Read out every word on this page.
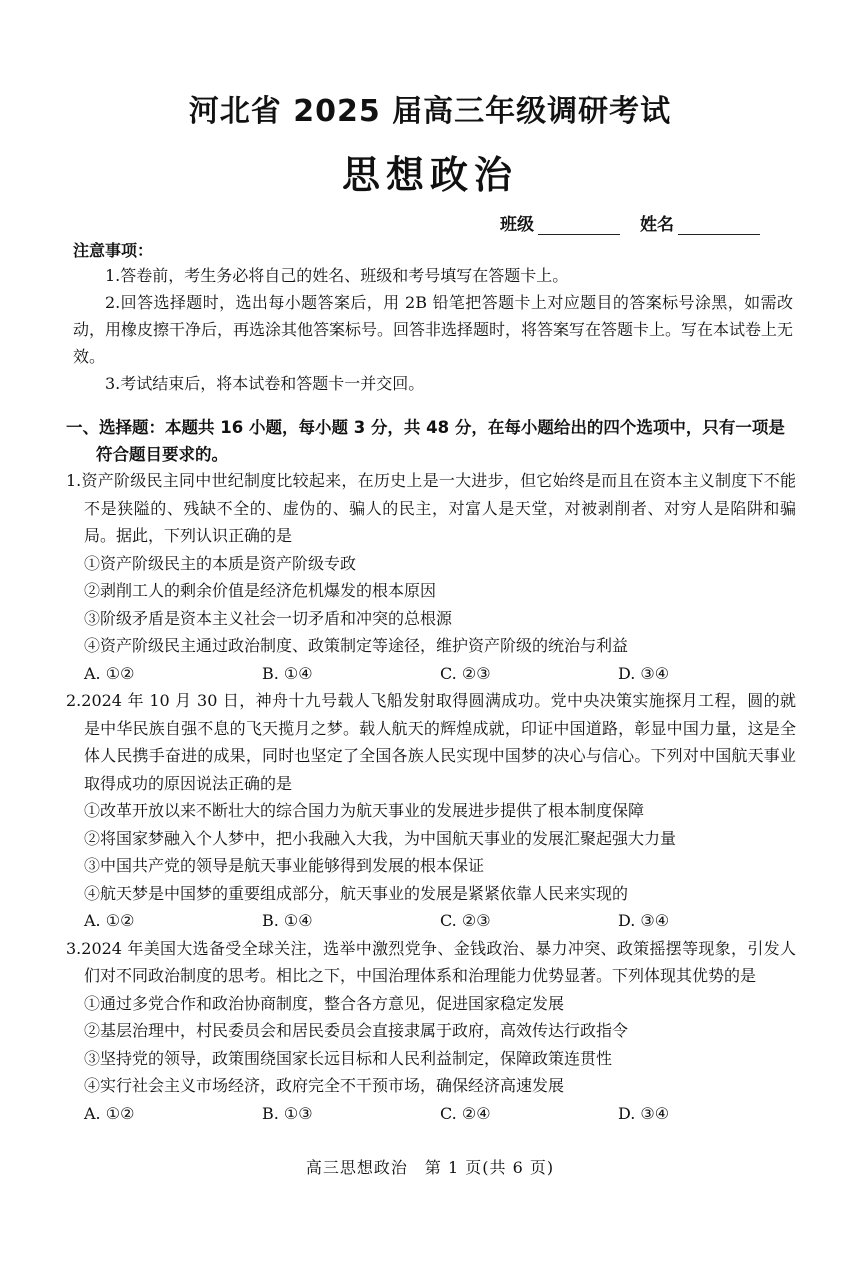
河北省 2025 届高三年级调研考试
思想政治
班级	姓名
注意事项：

1.答卷前，考生务必将自己的姓名、班级和考号填写在答题卡上。

2.回答选择题时，选出每小题答案后，用 2B 铅笔把答题卡上对应题目的答案标号涂黑，如需改动，用橡皮擦干净后，再选涂其他答案标号。回答非选择题时，将答案写在答题卡上。写在本试卷上无效。

3.考试结束后，将本试卷和答题卡一并交回。

一、选择题：本题共 16 小题，每小题 3 分，共 48 分，在每小题给出的四个选项中，只有一项是符合题目要求的。

1.资产阶级民主同中世纪制度比较起来，在历史上是一大进步，但它始终是而且在资本主义制度下不能不是狭隘的、残缺不全的、虚伪的、骗人的民主，对富人是天堂，对被剥削者、对穷人是陷阱和骗局。据此，下列认识正确的是

①资产阶级民主的本质是资产阶级专政

②剥削工人的剩余价值是经济危机爆发的根本原因

③阶级矛盾是资本主义社会一切矛盾和冲突的总根源

④资产阶级民主通过政治制度、政策制定等途径，维护资产阶级的统治与利益

A. ①②	B. ①④	C. ②③	D. ③④

2.2024 年 10 月 30 日，神舟十九号载人飞船发射取得圆满成功。党中央决策实施探月工程，圆的就是中华民族自强不息的飞天揽月之梦。载人航天的辉煌成就，印证中国道路，彰显中国力量，这是全体人民携手奋进的成果，同时也坚定了全国各族人民实现中国梦的决心与信心。下列对中国航天事业取得成功的原因说法正确的是

①改革开放以来不断壮大的综合国力为航天事业的发展进步提供了根本制度保障

②将国家梦融入个人梦中，把小我融入大我，为中国航天事业的发展汇聚起强大力量

③中国共产党的领导是航天事业能够得到发展的根本保证

④航天梦是中国梦的重要组成部分，航天事业的发展是紧紧依靠人民来实现的

A. ①②	B. ①④	C. ②③	D. ③④

3.2024 年美国大选备受全球关注，选举中激烈党争、金钱政治、暴力冲突、政策摇摆等现象，引发人们对不同政治制度的思考。相比之下，中国治理体系和治理能力优势显著。下列体现其优势的是

①通过多党合作和政治协商制度，整合各方意见，促进国家稳定发展

②基层治理中，村民委员会和居民委员会直接隶属于政府，高效传达行政指令

③坚持党的领导，政策围绕国家长远目标和人民利益制定，保障政策连贯性

④实行社会主义市场经济，政府完全不干预市场，确保经济高速发展

A. ①②	B. ①③	C. ②④	D. ③④
高三思想政治　第 1 页(共 6 页)
